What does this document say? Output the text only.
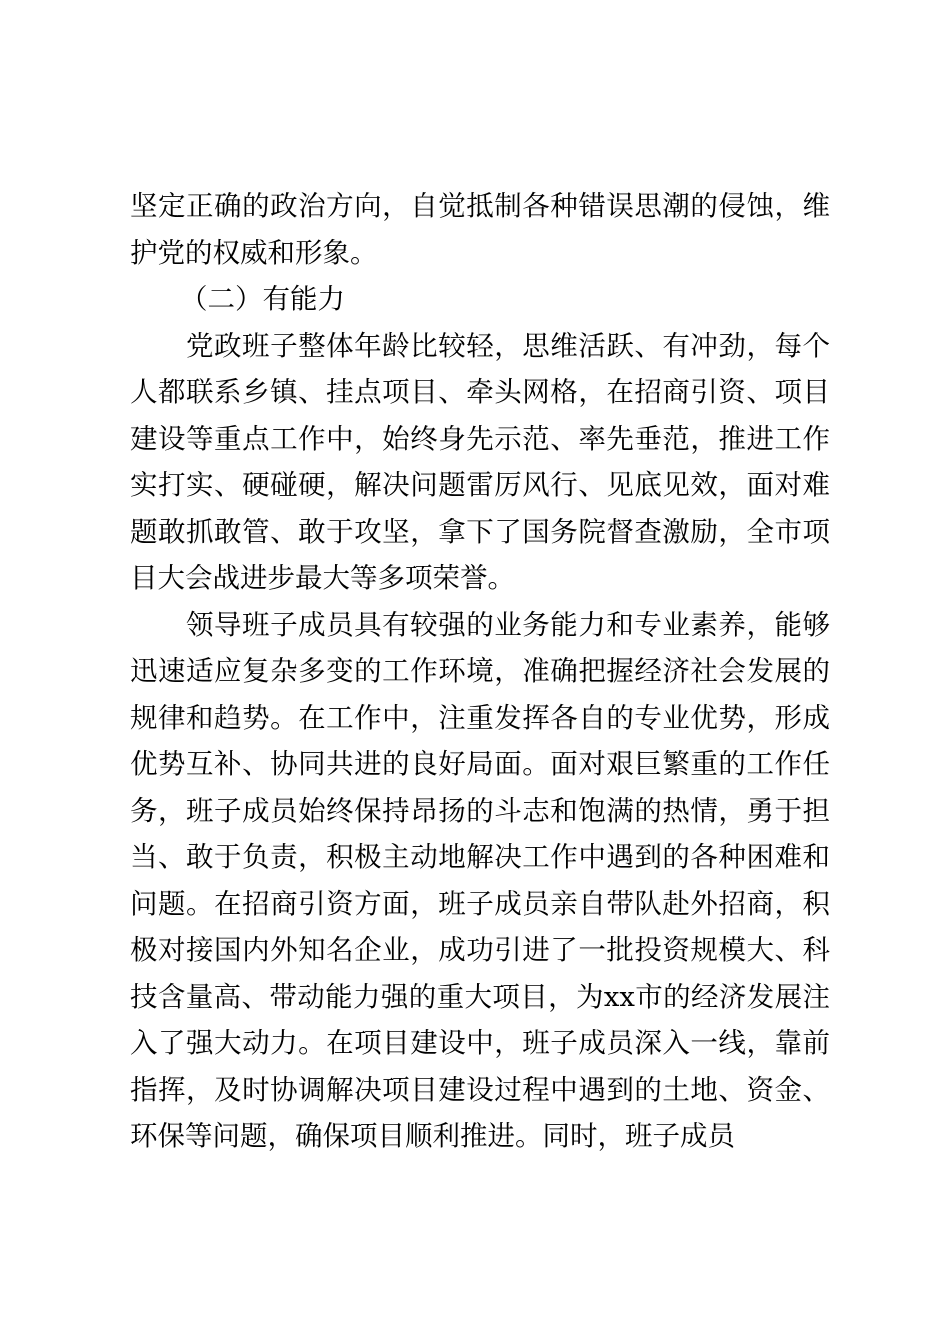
坚定正确的政治方向，自觉抵制各种错误思潮的侵蚀，维护党的权威和形象。

（二）有能力

党政班子整体年龄比较轻，思维活跃、有冲劲，每个人都联系乡镇、挂点项目、牵头网格，在招商引资、项目建设等重点工作中，始终身先示范、率先垂范，推进工作实打实、硬碰硬，解决问题雷厉风行、见底见效，面对难题敢抓敢管、敢于攻坚，拿下了国务院督查激励，全市项目大会战进步最大等多项荣誉。

领导班子成员具有较强的业务能力和专业素养，能够迅速适应复杂多变的工作环境，准确把握经济社会发展的规律和趋势。在工作中，注重发挥各自的专业优势，形成优势互补、协同共进的良好局面。面对艰巨繁重的工作任务，班子成员始终保持昂扬的斗志和饱满的热情，勇于担当、敢于负责，积极主动地解决工作中遇到的各种困难和问题。在招商引资方面，班子成员亲自带队赴外招商，积极对接国内外知名企业，成功引进了一批投资规模大、科技含量高、带动能力强的重大项目，为xx市的经济发展注入了强大动力。在项目建设中，班子成员深入一线，靠前指挥，及时协调解决项目建设过程中遇到的土地、资金、环保等问题，确保项目顺利推进。同时，班子成员
